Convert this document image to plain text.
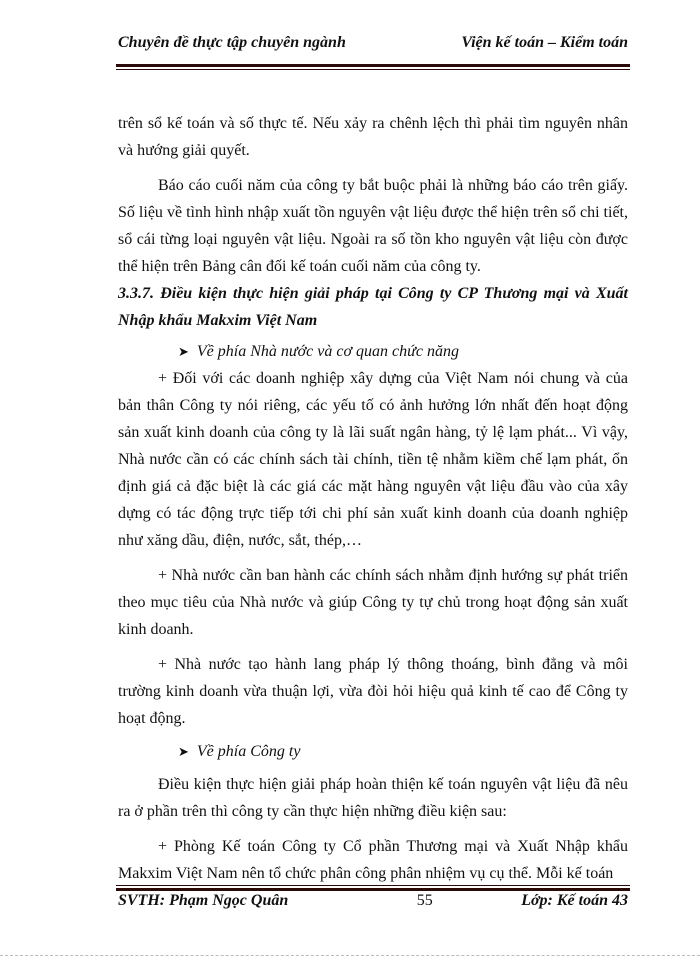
Chuyên đề thực tập chuyên ngành	Viện kế toán – Kiểm toán

trên sổ kế toán và số thực tế. Nếu xảy ra chênh lệch thì phải tìm nguyên nhân và hướng giải quyết.

Báo cáo cuối năm của công ty bắt buộc phải là những báo cáo trên giấy. Số liệu về tình hình nhập xuất tồn nguyên vật liệu được thể hiện trên sổ chi tiết, sổ cái từng loại nguyên vật liệu. Ngoài ra số tồn kho nguyên vật liệu còn được thể hiện trên Bảng cân đối kế toán cuối năm của công ty.

3.3.7. Điều kiện thực hiện giải pháp tại Công ty CP Thương mại và Xuất Nhập khẩu Makxim Việt Nam

➤ Về phía Nhà nước và cơ quan chức năng

+ Đối với các doanh nghiệp xây dựng của Việt Nam nói chung và của bản thân Công ty nói riêng, các yếu tố có ảnh hưởng lớn nhất đến hoạt động sản xuất kinh doanh của công ty là lãi suất ngân hàng, tỷ lệ lạm phát... Vì vậy, Nhà nước cần có các chính sách tài chính, tiền tệ nhằm kiềm chế lạm phát, ổn định giá cả đặc biệt là các giá các mặt hàng nguyên vật liệu đầu vào của xây dựng có tác động trực tiếp tới chi phí sản xuất kinh doanh của doanh nghiệp như xăng dầu, điện, nước, sắt, thép,…

+ Nhà nước cần ban hành các chính sách nhằm định hướng sự phát triển theo mục tiêu của Nhà nước và giúp Công ty tự chủ trong hoạt động sản xuất kinh doanh.

+ Nhà nước tạo hành lang pháp lý thông thoáng, bình đẳng và môi trường kinh doanh vừa thuận lợi, vừa đòi hỏi hiệu quả kinh tế cao để Công ty hoạt động.

➤ Về phía Công ty

Điều kiện thực hiện giải pháp hoàn thiện kế toán nguyên vật liệu đã nêu ra ở phần trên thì công ty cần thực hiện những điều kiện sau:

+ Phòng Kế toán Công ty Cổ phần Thương mại và Xuất Nhập khẩu Makxim Việt Nam nên tổ chức phân công phân nhiệm vụ cụ thể. Mỗi kế toán

SVTH: Phạm Ngọc Quân	55	Lớp: Kế toán 43
